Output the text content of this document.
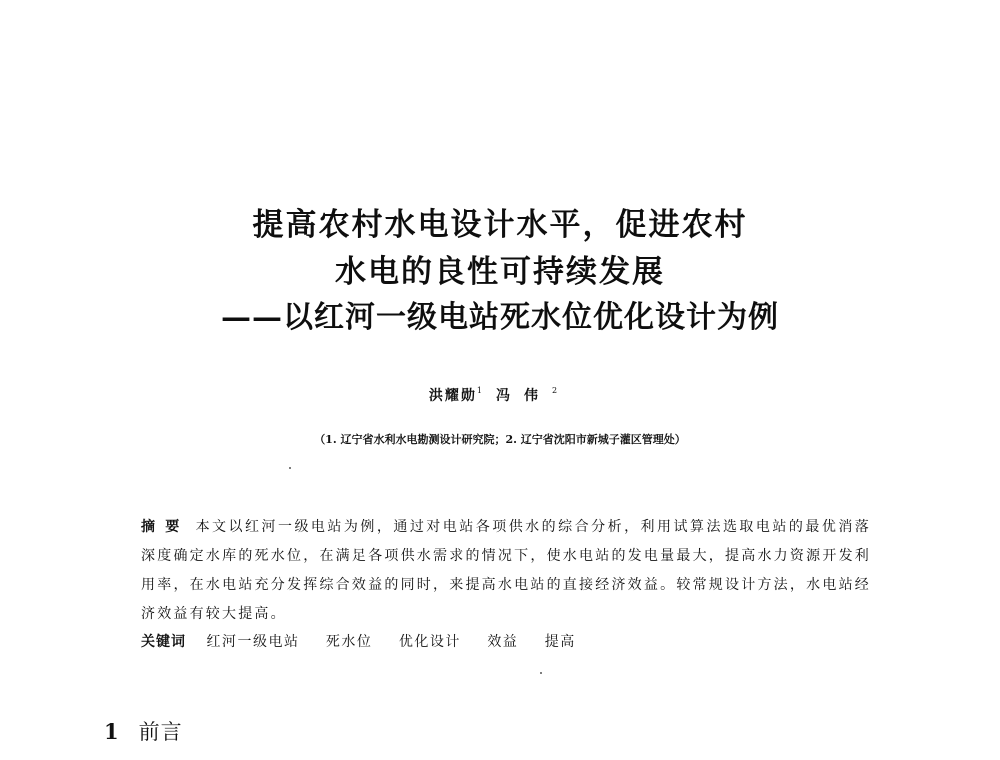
提高农村水电设计水平，促进农村
水电的良性可持续发展
——以红河一级电站死水位优化设计为例
洪耀勋$^1$ 冯伟$^2$
（1. 辽宁省水利水电勘测设计研究院；2. 辽宁省沈阳市新城子灌区管理处）
摘要 本文以红河一级电站为例，通过对电站各项供水的综合分析，利用试算法选取电站的最优消落深度确定水库的死水位，在满足各项供水需求的情况下，使水电站的发电量最大，提高水力资源开发利用率，在水电站充分发挥综合效益的同时，来提高水电站的直接经济效益。较常规设计方法，水电站经济效益有较大提高。
关键词 红河一级电站 死水位 优化设计 效益 提高
1 前言
